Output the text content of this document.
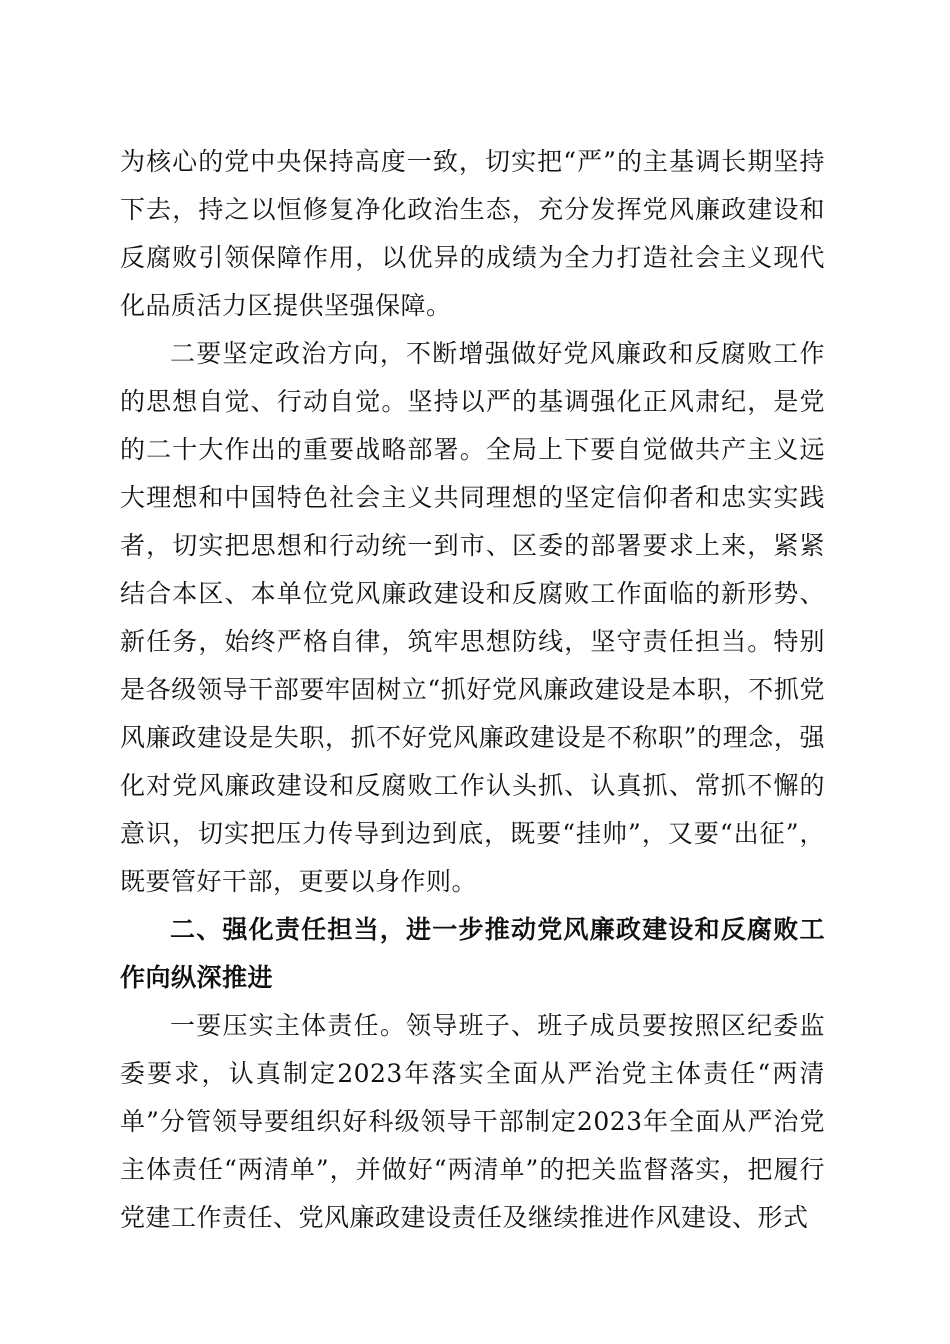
为核心的党中央保持高度一致，切实把“严”的主基调长期坚持下去，持之以恒修复净化政治生态，充分发挥党风廉政建设和反腐败引领保障作用，以优异的成绩为全力打造社会主义现代化品质活力区提供坚强保障。

二要坚定政治方向，不断增强做好党风廉政和反腐败工作的思想自觉、行动自觉。坚持以严的基调强化正风肃纪，是党的二十大作出的重要战略部署。全局上下要自觉做共产主义远大理想和中国特色社会主义共同理想的坚定信仰者和忠实实践者，切实把思想和行动统一到市、区委的部署要求上来，紧紧结合本区、本单位党风廉政建设和反腐败工作面临的新形势、新任务，始终严格自律，筑牢思想防线，坚守责任担当。特别是各级领导干部要牢固树立“抓好党风廉政建设是本职，不抓党风廉政建设是失职，抓不好党风廉政建设是不称职”的理念，强化对党风廉政建设和反腐败工作认头抓、认真抓、常抓不懈的意识，切实把压力传导到边到底，既要“挂帅”，又要“出征”，既要管好干部，更要以身作则。

二、强化责任担当，进一步推动党风廉政建设和反腐败工作向纵深推进

一要压实主体责任。领导班子、班子成员要按照区纪委监委要求，认真制定2023年落实全面从严治党主体责任“两清单”分管领导要组织好科级领导干部制定2023年全面从严治党主体责任“两清单”，并做好“两清单”的把关监督落实，把履行党建工作责任、党风廉政建设责任及继续推进作风建设、形式
